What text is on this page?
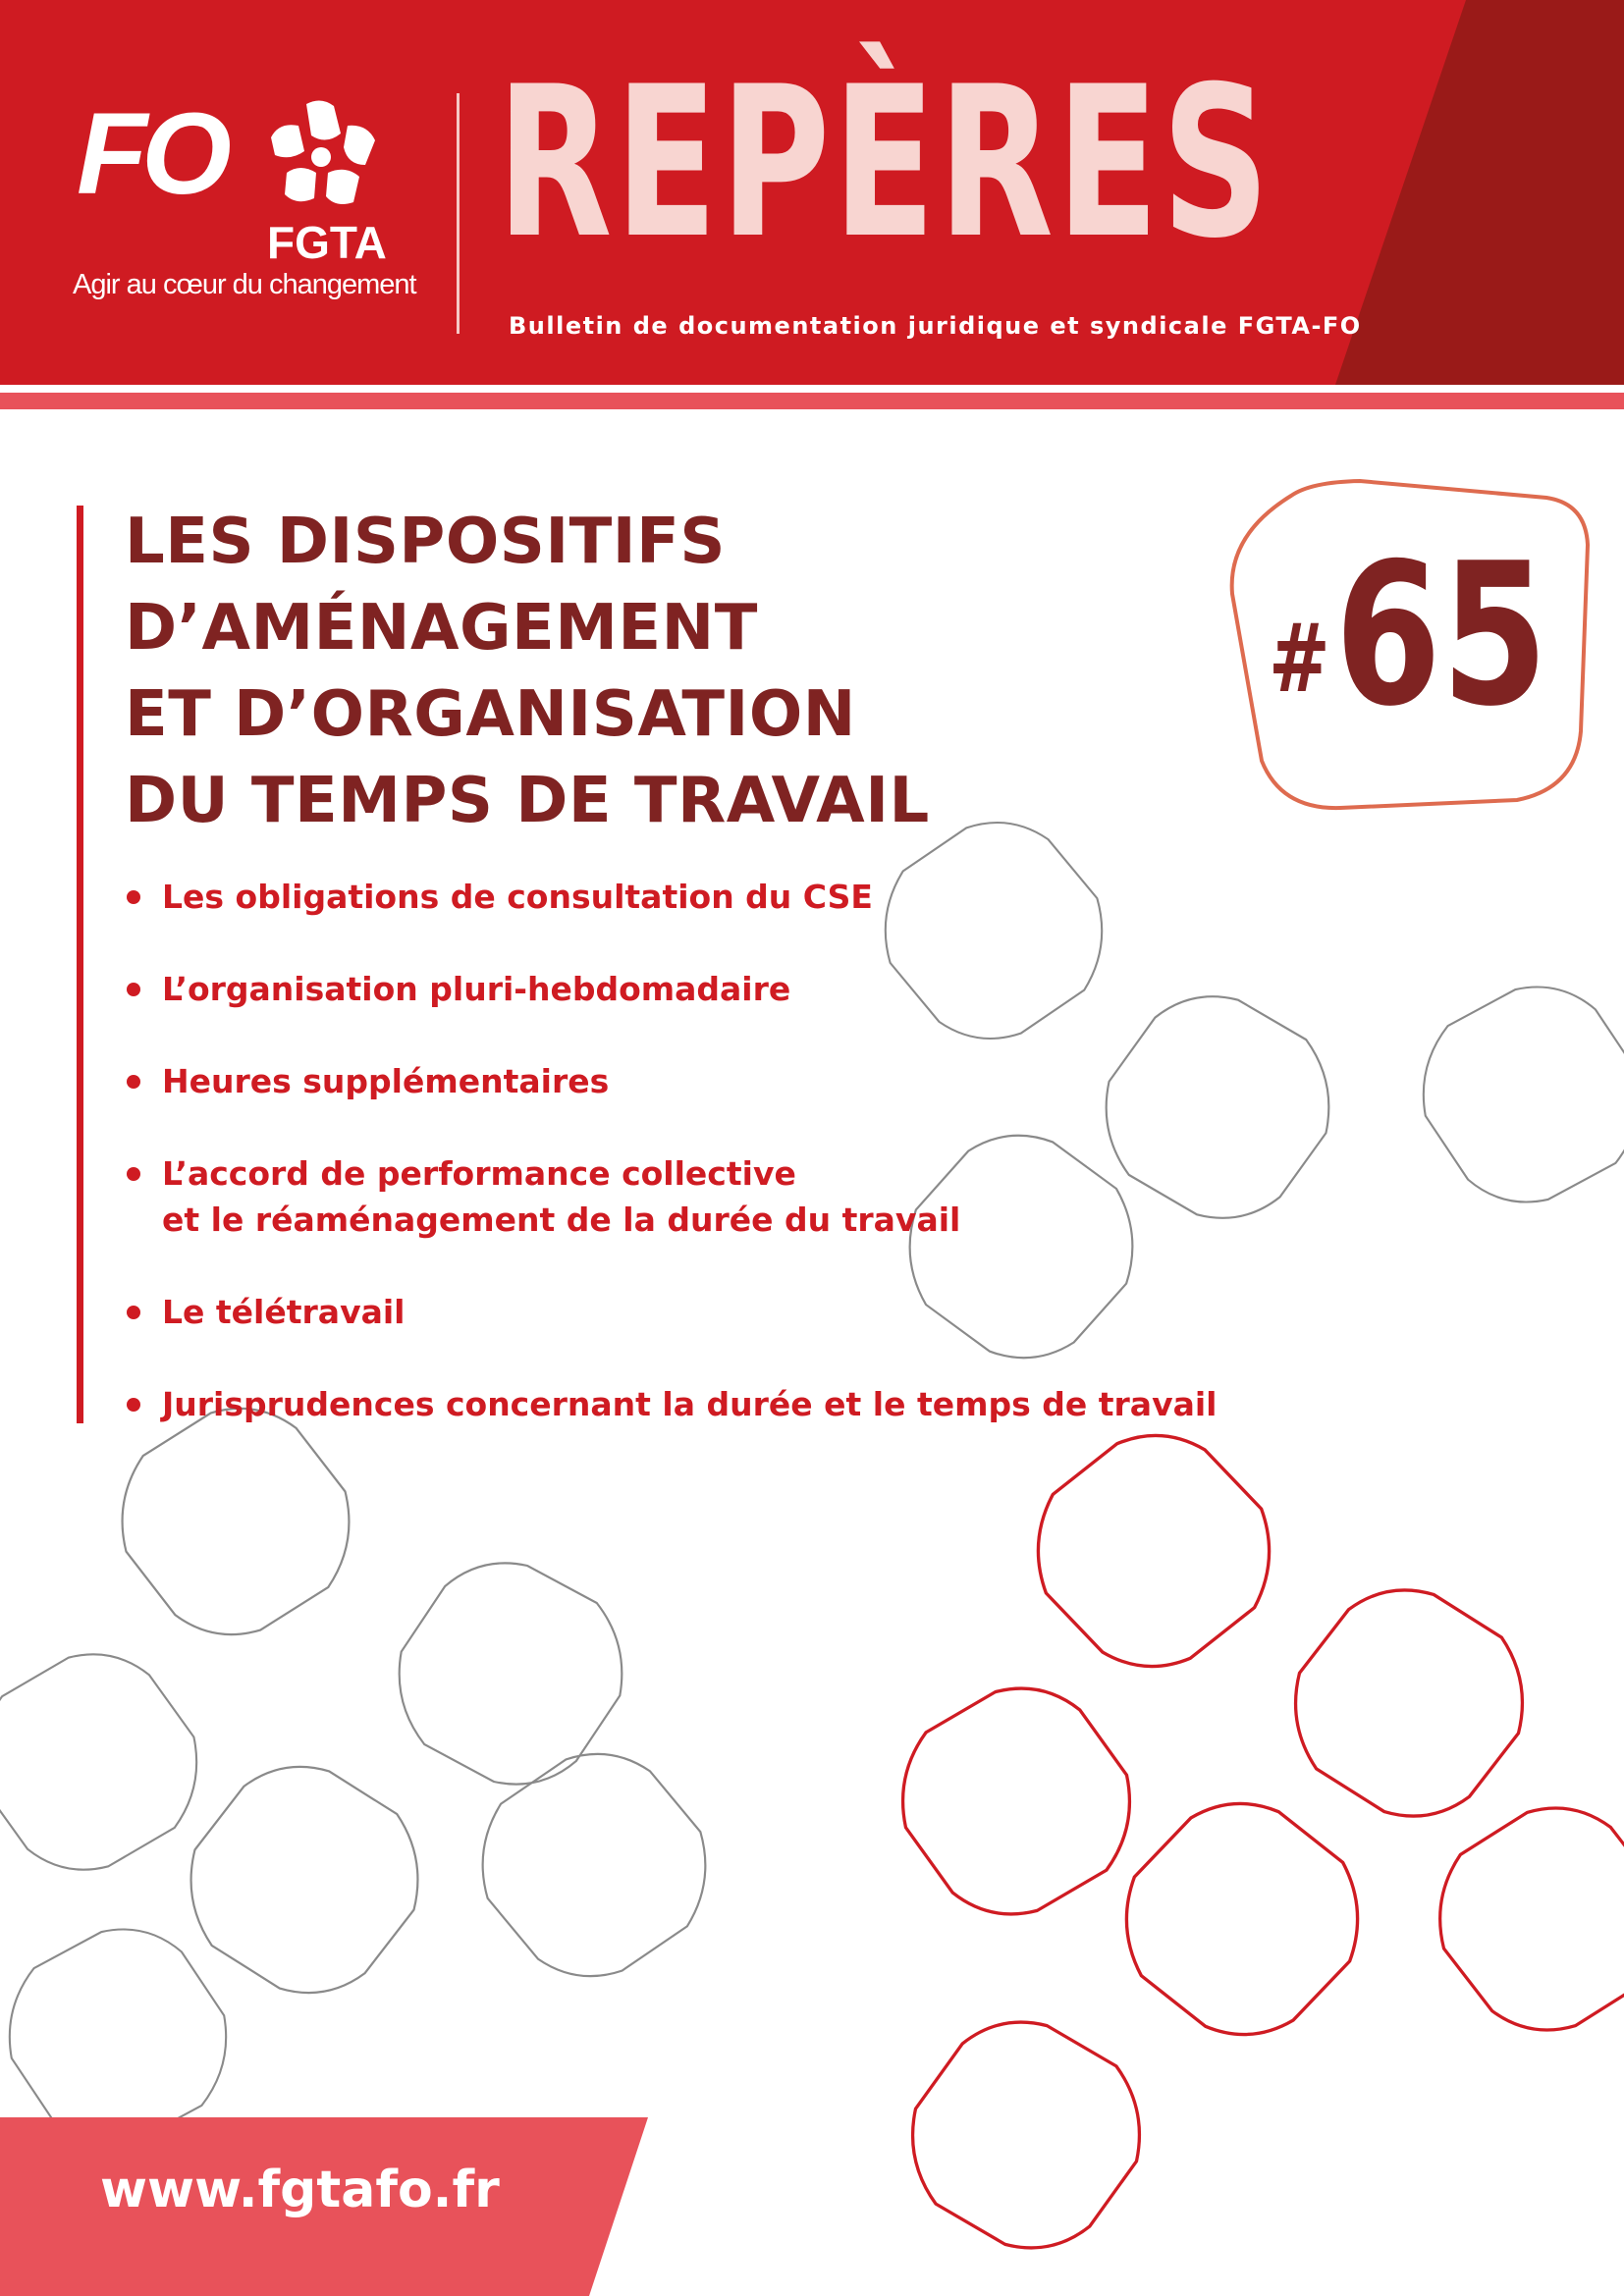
FO
FGTA
Agir au cœur du changement
REPÈRES
Bulletin de documentation juridique et syndicale FGTA-FO
LES DISPOSITIFS
D’AMÉNAGEMENT
ET D’ORGANISATION
DU TEMPS DE TRAVAIL
#65
Les obligations de consultation du CSE
L’organisation pluri-hebdomadaire
Heures supplémentaires
L’accord de performance collective
et le réaménagement de la durée du travail
Le télétravail
Jurisprudences concernant la durée et le temps de travail
www.fgtafo.fr
